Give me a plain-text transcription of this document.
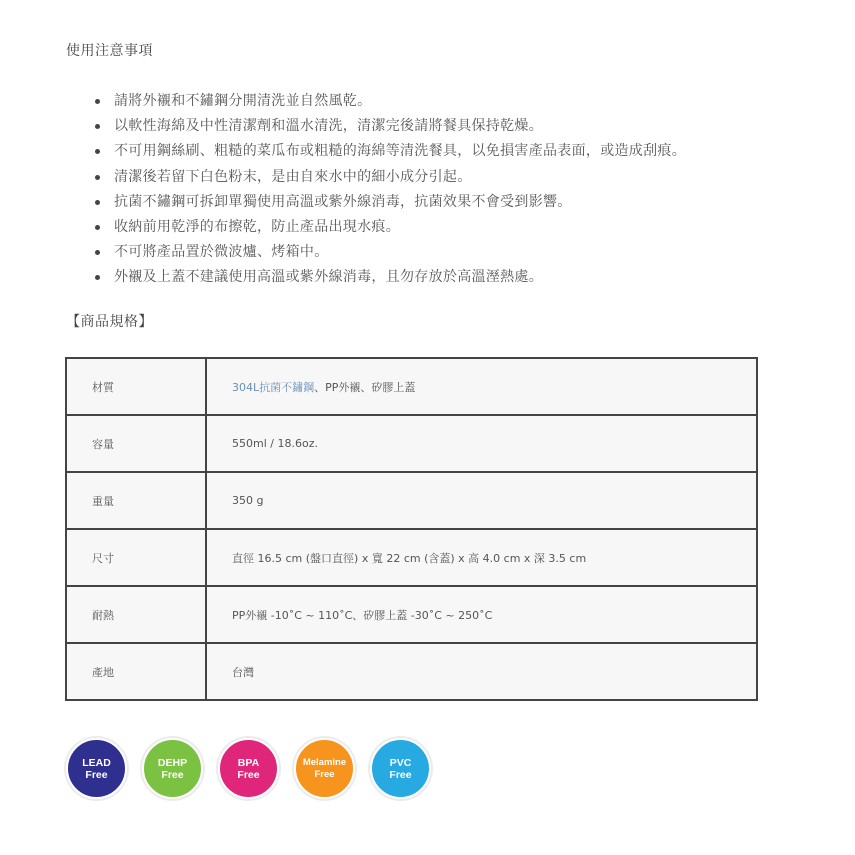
使用注意事項
請將外襯和不鏽鋼分開清洗並自然風乾。
以軟性海綿及中性清潔劑和溫水清洗，清潔完後請將餐具保持乾燥。
不可用鋼絲刷、粗糙的菜瓜布或粗糙的海綿等清洗餐具，以免損害產品表面，或造成刮痕。
清潔後若留下白色粉末，是由自來水中的細小成分引起。
抗菌不鏽鋼可拆卸單獨使用高溫或紫外線消毒，抗菌效果不會受到影響。
收納前用乾淨的布擦乾，防止產品出現水痕。
不可將產品置於微波爐、烤箱中。
外襯及上蓋不建議使用高溫或紫外線消毒，且勿存放於高溫溼熱處。
【商品規格】
材質	304L抗菌不鏽鋼、PP外襯、矽膠上蓋
容量	550ml / 18.6oz.
重量	350 g
尺寸	直徑 16.5 cm (盤口直徑) x 寬 22 cm (含蓋) x 高 4.0 cm x 深 3.5 cm
耐熱	PP外襯 -10˚C ~ 110˚C、矽膠上蓋 -30˚C ~ 250˚C
產地	台灣
LEAD
Free
DEHP
Free
BPA
Free
Melamine
Free
PVC
Free
